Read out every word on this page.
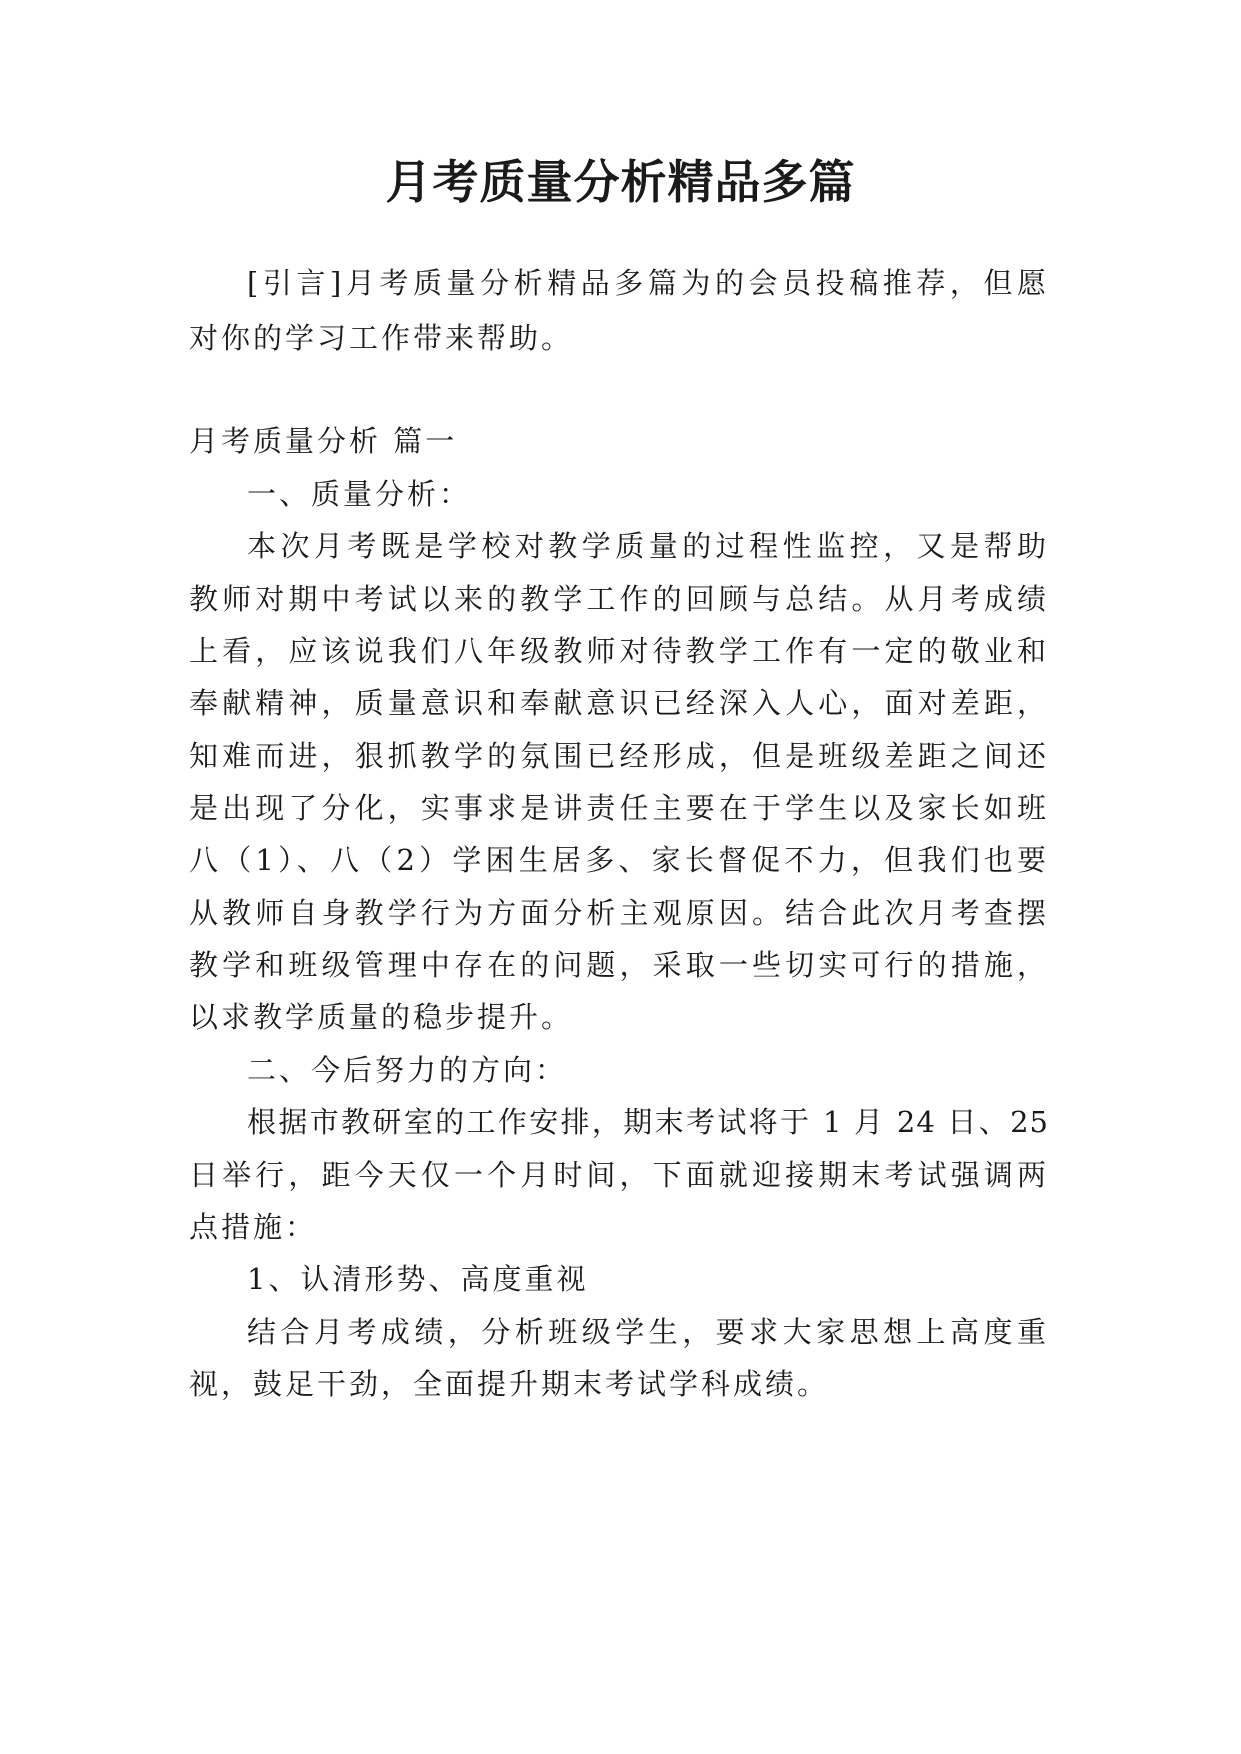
月考质量分析精品多篇
[引言]月考质量分析精品多篇为的会员投稿推荐，但愿
对你的学习工作带来帮助。
月考质量分析 篇一
一、质量分析：
本次月考既是学校对教学质量的过程性监控，又是帮助
教师对期中考试以来的教学工作的回顾与总结。从月考成绩
上看，应该说我们八年级教师对待教学工作有一定的敬业和
奉献精神，质量意识和奉献意识已经深入人心，面对差距，
知难而进，狠抓教学的氛围已经形成，但是班级差距之间还
是出现了分化，实事求是讲责任主要在于学生以及家长如班
八（1）、八（2）学困生居多、家长督促不力，但我们也要
从教师自身教学行为方面分析主观原因。结合此次月考查摆
教学和班级管理中存在的问题，采取一些切实可行的措施，
以求教学质量的稳步提升。
二、今后努力的方向：
根据市教研室的工作安排，期末考试将于 1 月 24 日、25
日举行，距今天仅一个月时间，下面就迎接期末考试强调两
点措施：
1、认清形势、高度重视
结合月考成绩，分析班级学生，要求大家思想上高度重
视，鼓足干劲，全面提升期末考试学科成绩。
